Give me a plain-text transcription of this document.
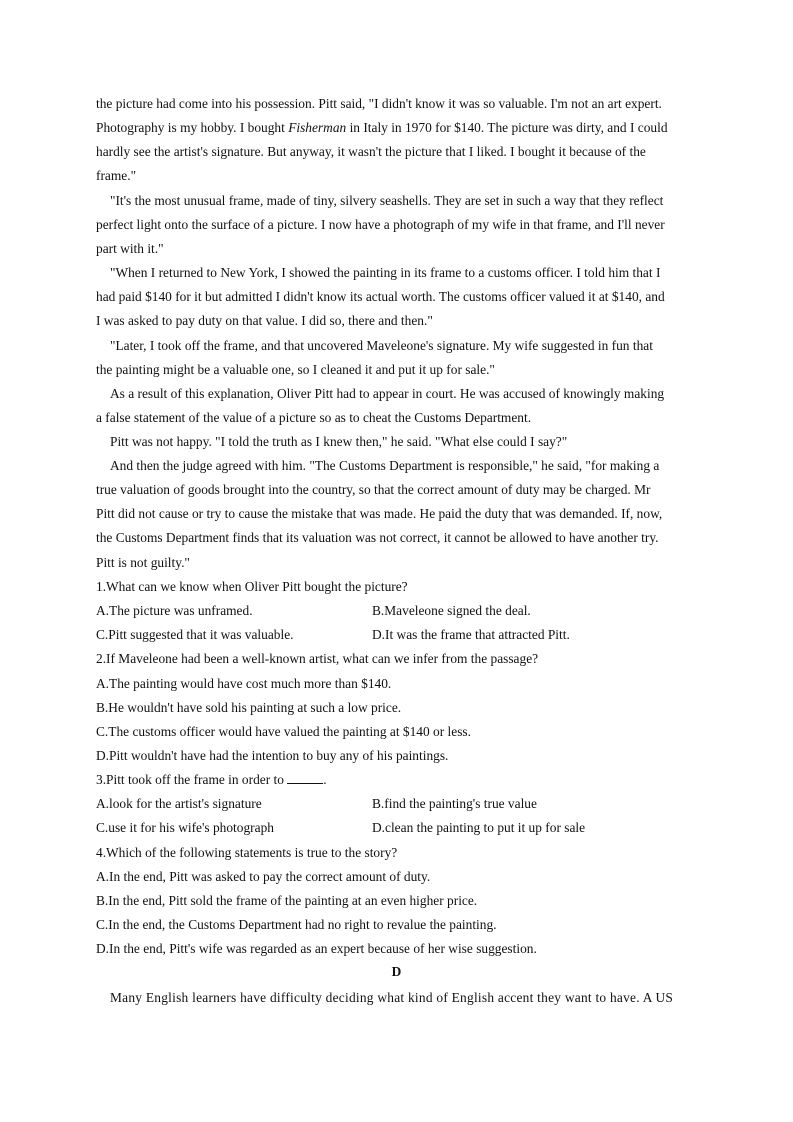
the picture had come into his possession. Pitt said, "I didn't know it was so valuable. I'm not an art expert.
Photography is my hobby. I bought Fisherman in Italy in 1970 for $140. The picture was dirty, and I could
hardly see the artist's signature. But anyway, it wasn't the picture that I liked. I bought it because of the
frame."
"It's the most unusual frame, made of tiny, silvery seashells. They are set in such a way that they reflect
perfect light onto the surface of a picture. I now have a photograph of my wife in that frame, and I'll never
part with it."
"When I returned to New York, I showed the painting in its frame to a customs officer. I told him that I
had paid $140 for it but admitted I didn't know its actual worth. The customs officer valued it at $140, and
I was asked to pay duty on that value. I did so, there and then."
"Later, I took off the frame, and that uncovered Maveleone's signature. My wife suggested in fun that
the painting might be a valuable one, so I cleaned it and put it up for sale."
As a result of this explanation, Oliver Pitt had to appear in court. He was accused of knowingly making
a false statement of the value of a picture so as to cheat the Customs Department.
Pitt was not happy. "I told the truth as I knew then," he said. "What else could I say?"
And then the judge agreed with him. "The Customs Department is responsible," he said, "for making a
true valuation of goods brought into the country, so that the correct amount of duty may be charged. Mr
Pitt did not cause or try to cause the mistake that was made. He paid the duty that was demanded. If, now,
the Customs Department finds that its valuation was not correct, it cannot be allowed to have another try.
Pitt is not guilty."
1.What can we know when Oliver Pitt bought the picture?
A.The picture was unframed.	B.Maveleone signed the deal.
C.Pitt suggested that it was valuable.	D.It was the frame that attracted Pitt.
2.If Maveleone had been a well-known artist, what can we infer from the passage?
A.The painting would have cost much more than $140.
B.He wouldn't have sold his painting at such a low price.
C.The customs officer would have valued the painting at $140 or less.
D.Pitt wouldn't have had the intention to buy any of his paintings.
3.Pitt took off the frame in order to	.
A.look for the artist's signature	B.find the painting's true value
C.use it for his wife's photograph	D.clean the painting to put it up for sale
4.Which of the following statements is true to the story?
A.In the end, Pitt was asked to pay the correct amount of duty.
B.In the end, Pitt sold the frame of the painting at an even higher price.
C.In the end, the Customs Department had no right to revalue the painting.
D.In the end, Pitt's wife was regarded as an expert because of her wise suggestion.
D
Many English learners have difficulty deciding what kind of English accent they want to have. A US
